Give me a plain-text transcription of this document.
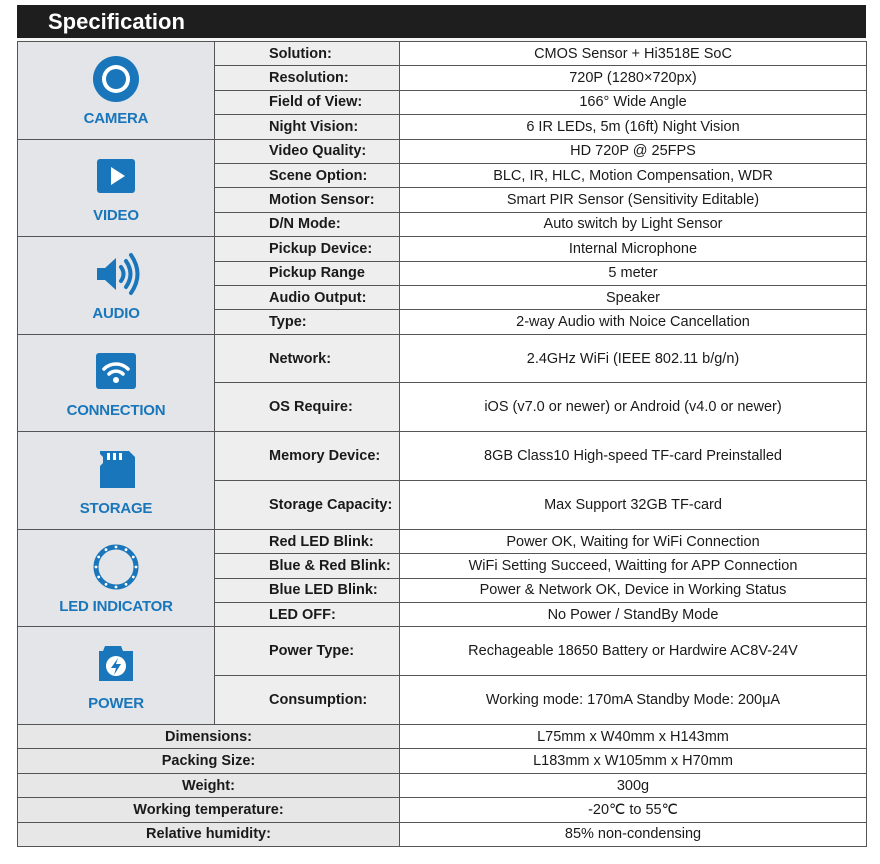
Specification
CAMERA	Solution:	CMOS Sensor + Hi3518E SoC
	Resolution:	720P (1280×720px)
	Field of View:	166° Wide Angle
	Night Vision:	6 IR LEDs, 5m (16ft) Night Vision

VIDEO	Video Quality:	HD 720P @ 25FPS
	Scene Option:	BLC, IR, HLC, Motion Compensation, WDR
	Motion Sensor:	Smart PIR Sensor (Sensitivity Editable)
	D/N Mode:	Auto switch by Light Sensor

AUDIO	Pickup Device:	Internal Microphone
	Pickup Range	5 meter
	Audio Output:	Speaker
	Type:	2-way Audio with Noice Cancellation

CONNECTION	Network:	2.4GHz WiFi (IEEE 802.11 b/g/n)
	OS Require:	iOS (v7.0 or newer) or Android (v4.0 or newer)

STORAGE	Memory Device:	8GB Class10 High-speed TF-card Preinstalled
	Storage Capacity:	Max Support 32GB TF-card

LED INDICATOR	Red LED Blink:	Power OK, Waiting for WiFi Connection
	Blue & Red Blink:	WiFi Setting Succeed, Waitting for APP Connection
	Blue LED Blink:	Power & Network OK, Device in Working Status
	LED OFF:	No Power / StandBy Mode

POWER	Power Type:	Rechageable 18650 Battery or Hardwire AC8V-24V
	Consumption:	Working mode: 170mA Standby Mode: 200μA
Dimensions:		L75mm x W40mm x H143mm
Packing Size:		L183mm x W105mm x H70mm
Weight:		300g
Working temperature:		-20℃ to 55℃
Relative humidity:		85% non-condensing
